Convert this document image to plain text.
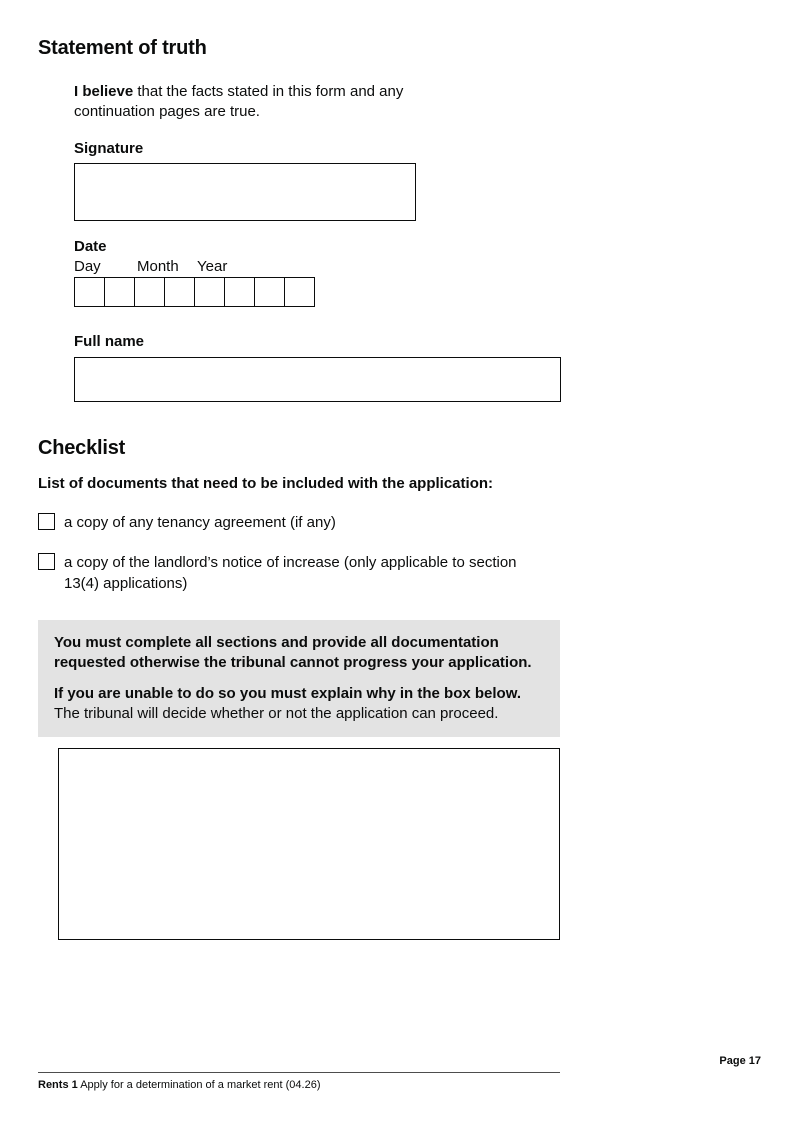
Statement of truth

I believe that the facts stated in this form and any continuation pages are true.

Signature
Date
Day Month Year
Full name
Checklist

List of documents that need to be included with the application:

a copy of any tenancy agreement (if any)
a copy of the landlord’s notice of increase (only applicable to section 13(4) applications)

You must complete all sections and provide all documentation requested otherwise the tribunal cannot progress your application.

If you are unable to do so you must explain why in the box below. The tribunal will decide whether or not the application can proceed.

Page 17

Rents 1 Apply for a determination of a market rent (04.26)
